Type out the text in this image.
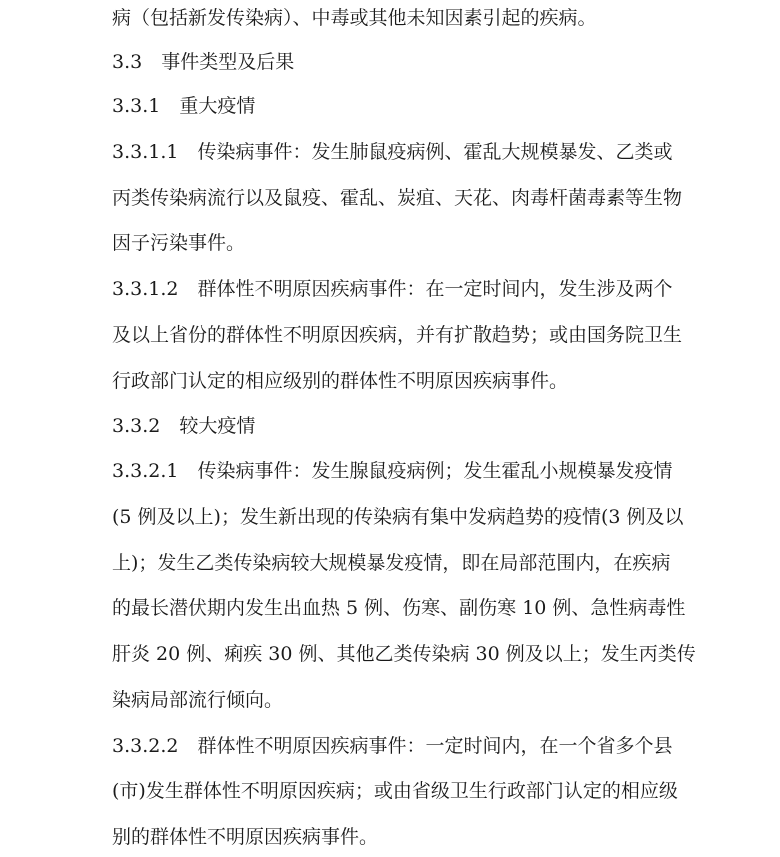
病（包括新发传染病）、中毒或其他未知因素引起的疾病。
3.3　事件类型及后果
3.3.1　重大疫情
3.3.1.1　传染病事件：发生肺鼠疫病例、霍乱大规模暴发、乙类或
丙类传染病流行以及鼠疫、霍乱、炭疽、天花、肉毒杆菌毒素等生物
因子污染事件。
3.3.1.2　群体性不明原因疾病事件：在一定时间内，发生涉及两个
及以上省份的群体性不明原因疾病，并有扩散趋势；或由国务院卫生
行政部门认定的相应级别的群体性不明原因疾病事件。
3.3.2　较大疫情
3.3.2.1　传染病事件：发生腺鼠疫病例；发生霍乱小规模暴发疫情
(5 例及以上)；发生新出现的传染病有集中发病趋势的疫情(3 例及以
上)；发生乙类传染病较大规模暴发疫情，即在局部范围内，在疾病
的最长潜伏期内发生出血热 5 例、伤寒、副伤寒 10 例、急性病毒性
肝炎 20 例、痢疾 30 例、其他乙类传染病 30 例及以上；发生丙类传
染病局部流行倾向。
3.3.2.2　群体性不明原因疾病事件：一定时间内，在一个省多个县
(市)发生群体性不明原因疾病；或由省级卫生行政部门认定的相应级
别的群体性不明原因疾病事件。
